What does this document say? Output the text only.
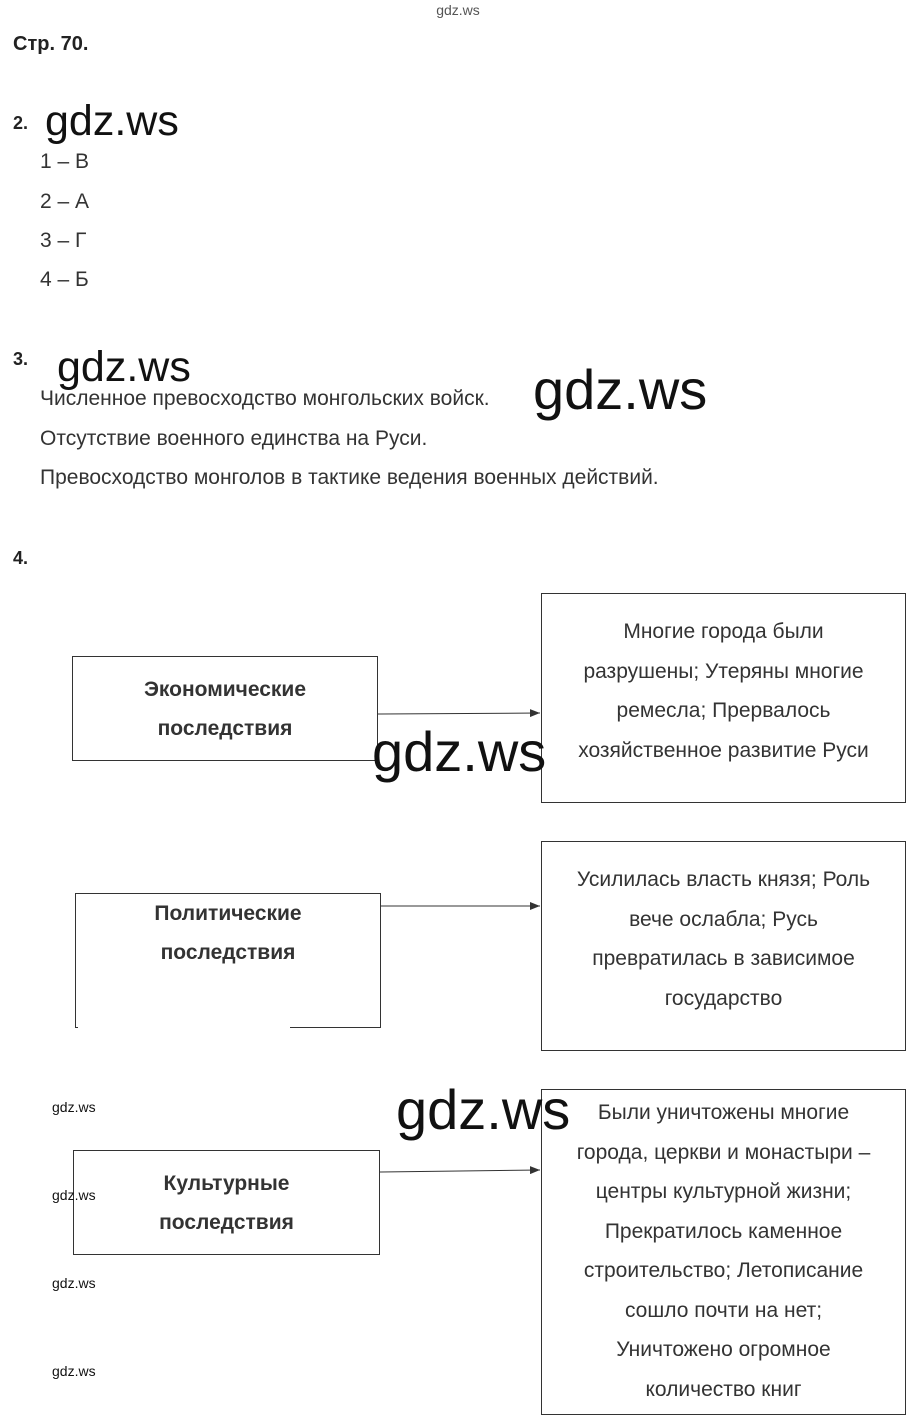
gdz.ws
Стр. 70.
2. gdz.ws
1 – В
2 – А
3 – Г
4 – Б
3.
Численное превосходство монгольских войск.
Отсутствие военного единства на Руси.
Превосходство монголов в тактике ведения военных действий.
gdz.ws	gdz.ws
4.
Экономические
последствия
Многие города были
разрушены; Утеряны многие
ремесла; Прервалось
хозяйственное развитие Руси
gdz.ws
Политические
последствия
Усилилась власть князя; Роль
вече ослабла; Русь
превратилась в зависимое
государство
Культурные
последствия
Были уничтожены многие
города, церкви и монастыри –
центры культурной жизни;
Прекратилось каменное
строительство; Летописание
сошло почти на нет;
Уничтожено огромное
количество книг
gdz.ws
gdz.ws
gdz.ws
gdz.ws
gdz.ws
